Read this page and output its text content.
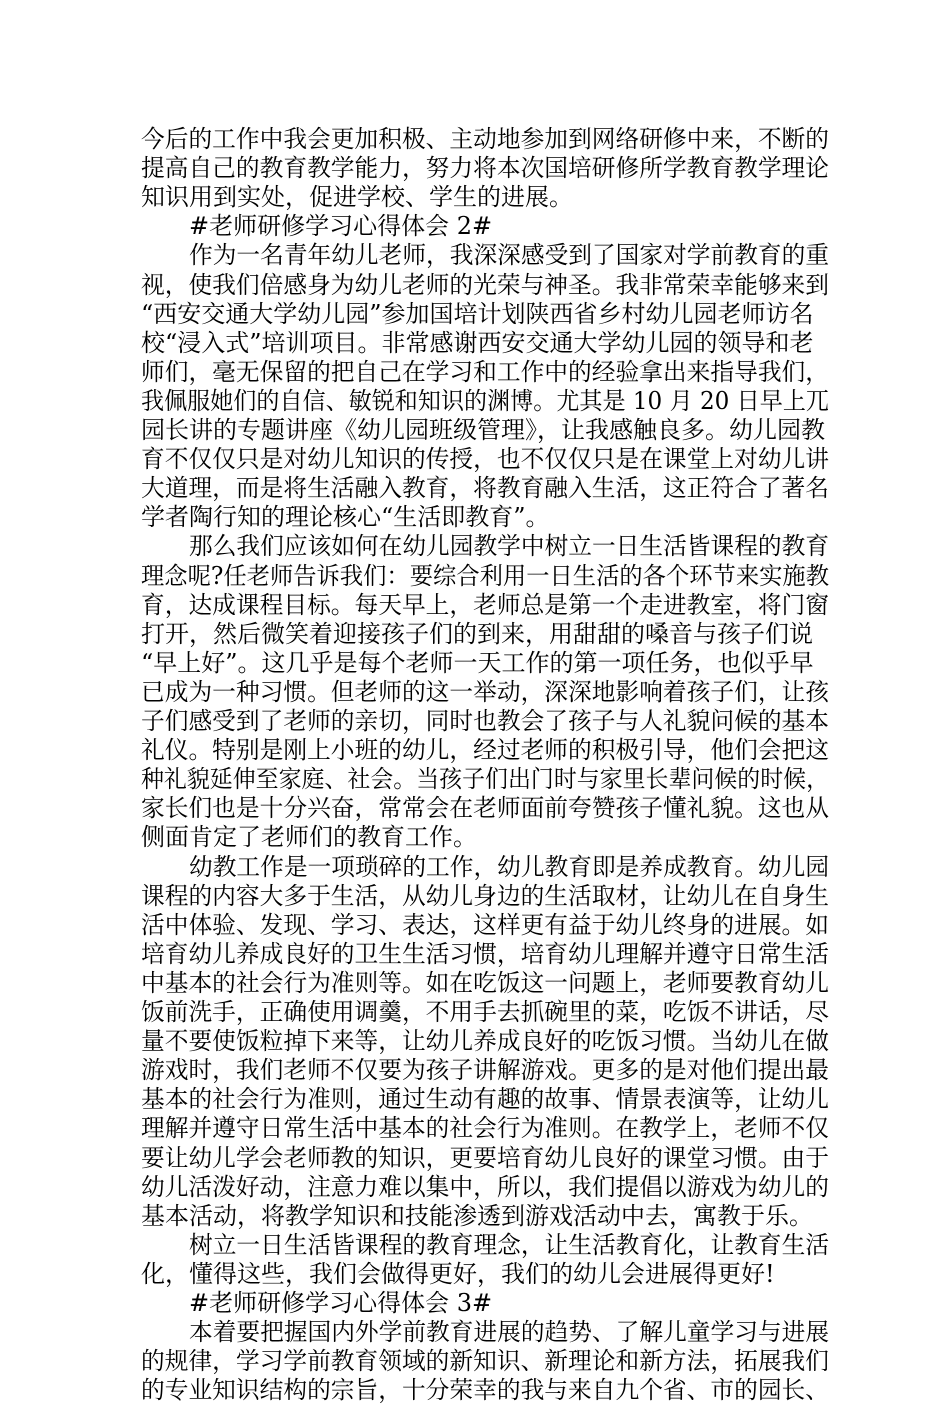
今后的工作中我会更加积极、主动地参加到网络研修中来，不断的
提高自己的教育教学能力，努力将本次国培研修所学教育教学理论
知识用到实处，促进学校、学生的进展。
#老师研修学习心得体会 2#
作为一名青年幼儿老师，我深深感受到了国家对学前教育的重
视，使我们倍感身为幼儿老师的光荣与神圣。我非常荣幸能够来到
“西安交通大学幼儿园”参加国培计划陕西省乡村幼儿园老师访名
校“浸入式”培训项目。非常感谢西安交通大学幼儿园的领导和老
师们，毫无保留的把自己在学习和工作中的经验拿出来指导我们，
我佩服她们的自信、敏锐和知识的渊博。尤其是 10 月 20 日早上兀
园长讲的专题讲座《幼儿园班级管理》，让我感触良多。幼儿园教
育不仅仅只是对幼儿知识的传授，也不仅仅只是在课堂上对幼儿讲
大道理，而是将生活融入教育，将教育融入生活，这正符合了著名
学者陶行知的理论核心“生活即教育”。
那么我们应该如何在幼儿园教学中树立一日生活皆课程的教育
理念呢?任老师告诉我们：要综合利用一日生活的各个环节来实施教
育，达成课程目标。每天早上，老师总是第一个走进教室，将门窗
打开，然后微笑着迎接孩子们的到来，用甜甜的嗓音与孩子们说
“早上好”。这几乎是每个老师一天工作的第一项任务，也似乎早
已成为一种习惯。但老师的这一举动，深深地影响着孩子们，让孩
子们感受到了老师的亲切，同时也教会了孩子与人礼貌问候的基本
礼仪。特别是刚上小班的幼儿，经过老师的积极引导，他们会把这
种礼貌延伸至家庭、社会。当孩子们出门时与家里长辈问候的时候，
家长们也是十分兴奋，常常会在老师面前夸赞孩子懂礼貌。这也从
侧面肯定了老师们的教育工作。
幼教工作是一项琐碎的工作，幼儿教育即是养成教育。幼儿园
课程的内容大多于生活，从幼儿身边的生活取材，让幼儿在自身生
活中体验、发现、学习、表达，这样更有益于幼儿终身的进展。如
培育幼儿养成良好的卫生生活习惯，培育幼儿理解并遵守日常生活
中基本的社会行为准则等。如在吃饭这一问题上，老师要教育幼儿
饭前洗手，正确使用调羹，不用手去抓碗里的菜，吃饭不讲话，尽
量不要使饭粒掉下来等，让幼儿养成良好的吃饭习惯。当幼儿在做
游戏时，我们老师不仅要为孩子讲解游戏。更多的是对他们提出最
基本的社会行为准则，通过生动有趣的故事、情景表演等，让幼儿
理解并遵守日常生活中基本的社会行为准则。在教学上，老师不仅
要让幼儿学会老师教的知识，更要培育幼儿良好的课堂习惯。由于
幼儿活泼好动，注意力难以集中，所以，我们提倡以游戏为幼儿的
基本活动，将教学知识和技能渗透到游戏活动中去，寓教于乐。
树立一日生活皆课程的教育理念，让生活教育化，让教育生活
化，懂得这些，我们会做得更好，我们的幼儿会进展得更好!
#老师研修学习心得体会 3#
本着要把握国内外学前教育进展的趋势、了解儿童学习与进展
的规律，学习学前教育领域的新知识、新理论和新方法，拓展我们
的专业知识结构的宗旨，十分荣幸的我与来自九个省、市的园长、
